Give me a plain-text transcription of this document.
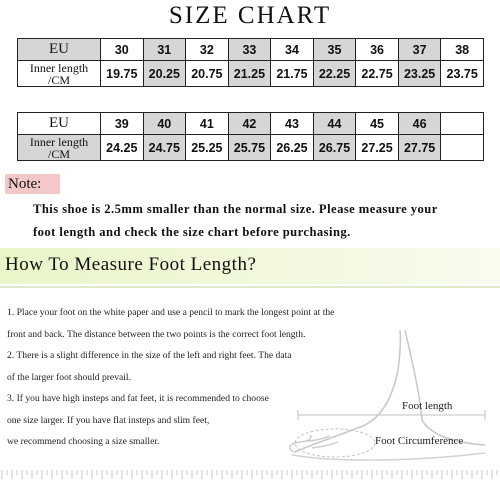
SIZE CHART
EU	30	31	32	33	34	35	36	37	38
Inner length
/CM	19.75	20.25	20.75	21.25	21.75	22.25	22.75	23.25	23.75
EU	39	40	41	42	43	44	45	46	
Inner length
/CM	24.25	24.75	25.25	25.75	26.25	26.75	27.25	27.75	
Note:
This shoe is 2.5mm smaller than the normal size. Please measure your
foot length and check the size chart before purchasing.
How To Measure Foot Length?
1. Place your foot on the white paper and use a pencil to mark the longest point at the
front and back. The distance between the two points is the correct foot length.
2. There is a slight difference in the size of the left and right feet. The data
of the larger foot should prevail.
3. If you have high insteps and fat feet, it is recommended to choose
one size larger. If you have flat insteps and slim feet,
we recommend choosing a size smaller.
Foot length
Foot Circumference
